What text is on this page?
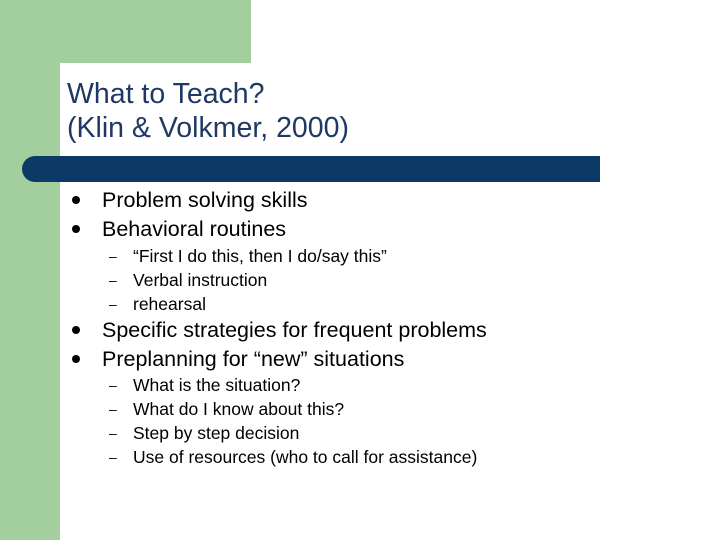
What to Teach?
(Klin & Volkmer, 2000)
Problem solving skills
Behavioral routines
– “First I do this, then I do/say this”
– Verbal instruction
– rehearsal
Specific strategies for frequent problems
Preplanning for “new” situations
– What is the situation?
– What do I know about this?
– Step by step decision
– Use of resources (who to call for assistance)
